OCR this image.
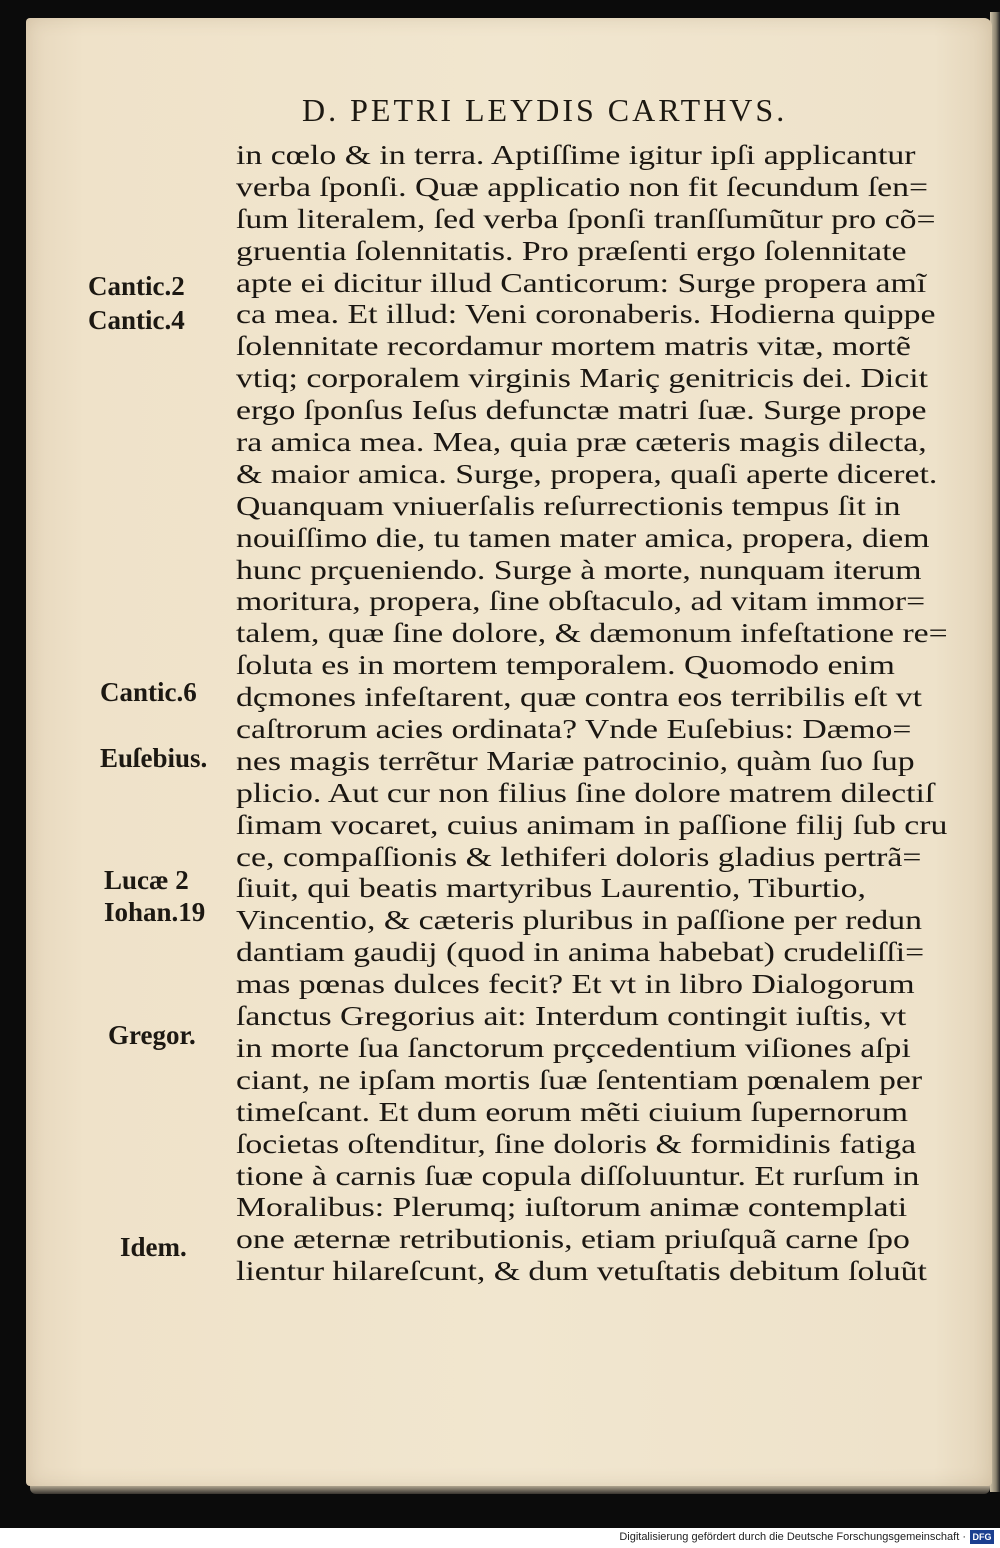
D. PETRI LEYDIS CARTHVS.
in cœlo & in terra. Aptiſſime igitur ipſi applicantur
verba ſponſi. Quæ applicatio non fit ſecundum ſen=
ſum literalem, ſed verba ſponſi tranſſumũtur pro cõ=
gruentia ſolennitatis. Pro præſenti ergo ſolennitate
apte ei dicitur illud Canticorum: Surge propera amĩ
ca mea. Et illud: Veni coronaberis. Hodierna quippe
ſolennitate recordamur mortem matris vitæ, mortẽ
vtiq; corporalem virginis Mariç genitricis dei. Dicit
ergo ſponſus Ieſus defunctæ matri ſuæ. Surge prope
ra amica mea. Mea, quia præ cæteris magis dilecta,
& maior amica. Surge, propera, quaſi aperte diceret.
Quanquam vniuerſalis reſurrectionis tempus ſit in
nouiſſimo die, tu tamen mater amica, propera, diem
hunc prçueniendo. Surge à morte, nunquam iterum
moritura, propera, ſine obſtaculo, ad vitam immor=
talem, quæ ſine dolore, & dæmonum infeſtatione re=
ſoluta es in mortem temporalem. Quomodo enim
dçmones infeſtarent, quæ contra eos terribilis eſt vt
caſtrorum acies ordinata? Vnde Euſebius: Dæmo=
nes magis terrẽtur Mariæ patrocinio, quàm ſuo ſup
plicio. Aut cur non filius ſine dolore matrem dilectiſ
ſimam vocaret, cuius animam in paſſione filij ſub cru
ce, compaſſionis & lethiferi doloris gladius pertrã=
ſiuit, qui beatis martyribus Laurentio, Tiburtio,
Vincentio, & cæteris pluribus in paſſione per redun
dantiam gaudij (quod in anima habebat) crudeliſſi=
mas pœnas dulces fecit? Et vt in libro Dialogorum
ſanctus Gregorius ait: Interdum contingit iuſtis, vt
in morte ſua ſanctorum prçcedentium viſiones aſpi
ciant, ne ipſam mortis ſuæ ſententiam pœnalem per
timeſcant. Et dum eorum mẽti ciuium ſupernorum
ſocietas oſtenditur, ſine doloris & formidinis fatiga
tione à carnis ſuæ copula diſſoluuntur. Et rurſum in
Moralibus: Plerumq; iuſtorum animæ contemplati
one æternæ retributionis, etiam priuſquã carne ſpo
lientur hilareſcunt, & dum vetuſtatis debitum ſoluũt
Cantic.2
Cantic.4
Cantic.6
Euſebius.
Lucæ 2
Iohan.19
Gregor.
Idem.
Digitalisierung gefördert durch die Deutsche Forschungsgemeinschaft · DFG
